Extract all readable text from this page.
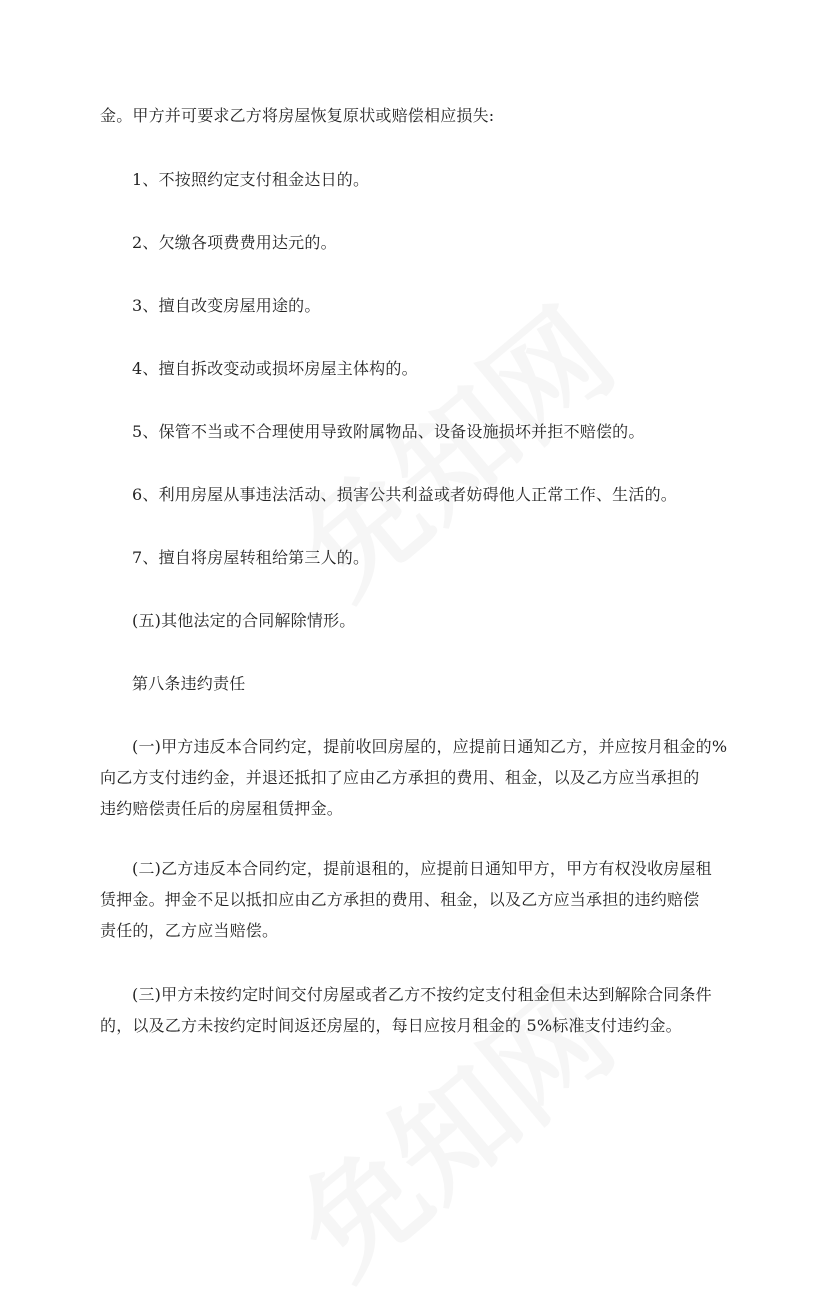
金。甲方并可要求乙方将房屋恢复原状或赔偿相应损失:
1、不按照约定支付租金达日的。
2、欠缴各项费费用达元的。
3、擅自改变房屋用途的。
4、擅自拆改变动或损坏房屋主体构的。
5、保管不当或不合理使用导致附属物品、设备设施损坏并拒不赔偿的。
6、利用房屋从事违法活动、损害公共利益或者妨碍他人正常工作、生活的。
7、擅自将房屋转租给第三人的。
(五)其他法定的合同解除情形。
第八条违约责任
(一)甲方违反本合同约定，提前收回房屋的，应提前日通知乙方，并应按月租金的%
向乙方支付违约金，并退还抵扣了应由乙方承担的费用、租金，以及乙方应当承担的
违约赔偿责任后的房屋租赁押金。
(二)乙方违反本合同约定，提前退租的，应提前日通知甲方，甲方有权没收房屋租
赁押金。押金不足以抵扣应由乙方承担的费用、租金，以及乙方应当承担的违约赔偿
责任的，乙方应当赔偿。
(三)甲方未按约定时间交付房屋或者乙方不按约定支付租金但未达到解除合同条件
的，以及乙方未按约定时间返还房屋的，每日应按月租金的 5%标准支付违约金。
